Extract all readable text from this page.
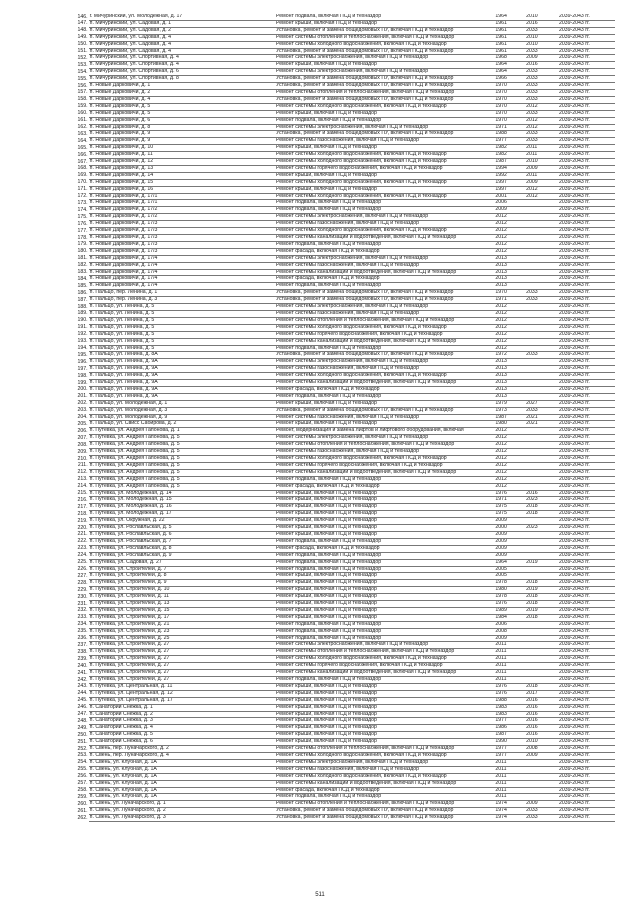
146.	г. Мичуринский, ул. Молодежная, д. 17	Ремонт подвала, включая ПСД и техназдор	1964	2010	2039-2043 гг.
147.	п. Мичуринский, ул. Садовая, д. 1	Ремонт крыши, включая ПСД и техназдор	1961	2016	2039-2043 гг.
148.	п. Мичуринский, ул. Садовая, д. 2	Установка, ремонт и замена общедомовых ПУ, включая ПСД и техназдор	1961	2033	2039-2043 гг.
149.	п. Мичуринский, ул. Садовая, д. 4	Ремонт системы отопления и теплоснабжения, включая ПСД и техназдор	1961	2010	2039-2043 гг.
150.	п. Мичуринский, ул. Садовая, д. 4	Ремонт системы холодного водоснабжения, включая ПСД и техназдор	1961	2010	2039-2043 гг.
151.	п. Мичуринский, ул. Садовая, д. 4	Установка, ремонт и замена общедомовых ПУ, включая ПСД и техназдор	1961	2033	2039-2043 гг.
152.	п. Мичуринский, ул. Спортивная, д. 4	Ремонт системы электроснабжения, включая ПСД и техназдор	1968	2009	2039-2043 гг.
153.	п. Мичуринский, ул. Спортивная, д. 4	Ремонт крыши, включая ПСД и техназдор	1964	2016	2039-2043 гг.
154.	п. Мичуринский, ул. Спортивная, д. 6	Ремонт системы электроснабжения, включая ПСД и техназдор	1964	2033	2039-2043 гг.
155.	п. Мичуринский, ул. Спортивная, д. 8	Установка, ремонт и замена общедомовых ПУ, включая ПСД и техназдор	1966	2033	2039-2043 гг.
156.	п. Новые Дарковичи, д. 1	Установка, ремонт и замена общедомовых ПУ, включая ПСД и техназдор	1970	2033	2039-2043 гг.
157.	п. Новые Дарковичи, д. 2	Ремонт системы отопления и теплоснабжения, включая ПСД и техназдор	1970	2033	2039-2043 гг.
158.	п. Новые Дарковичи, д. 4	Установка, ремонт и замена общедомовых ПУ, включая ПСД и техназдор	1970	2033	2039-2043 гг.
159.	п. Новые Дарковичи, д. 5	Ремонт системы холодного водоснабжения, включая ПСД и техназдор	1970	2012	2039-2043 гг.
160.	п. Новые Дарковичи, д. 5	Ремонт крыши, включая ПСД и техназдор	1970	2033	2039-2043 гг.
161.	п. Новые Дарковичи, д. 6	Ремонт подвала, включая ПСД и техназдор	1970	2012	2039-2043 гг.
162.	п. Новые Дарковичи, д. 8	Ремонт системы электроснабжения, включая ПСД и техназдор	1971	2012	2039-2043 гг.
163.	п. Новые Дарковичи, д. 9	Установка, ремонт и замена общедомовых ПУ, включая ПСД и техназдор	1988	2033	2039-2043 гг.
164.	п. Новые Дарковичи, д. 9	Ремонт системы газоснабжения, включая ПСД и техназдор	1977	2033	2039-2043 гг.
165.	п. Новые Дарковичи, д. 10	Ремонт крыши, включая ПСД и техназдор	1982	2011	2039-2043 гг.
166.	п. Новые Дарковичи, д. 11	Ремонт системы холодного водоснабжения, включая ПСД и техназдор	1982	2011	2039-2043 гг.
167.	п. Новые Дарковичи, д. 12	Ремонт системы холодного водоснабжения, включая ПСД и техназдор	1987	2010	2039-2043 гг.
168.	п. Новые Дарковичи, д. 13	Ремонт системы горячего водоснабжения, включая ПСД и техназдор	1994	2009	2039-2043 гг.
169.	п. Новые Дарковичи, д. 14	Ремонт крыши, включая ПСД и техназдор	1992	2011	2039-2043 гг.
170.	п. Новые Дарковичи, д. 15	Ремонт системы холодного водоснабжения, включая ПСД и техназдор	1997	2009	2039-2043 гг.
171.	п. Новые Дарковичи, д. 16	Ремонт крыши, включая ПСД и техназдор	1997	2012	2039-2043 гг.
172.	п. Новые Дарковичи, д. 17/1	Ремонт системы холодного водоснабжения, включая ПСД и техназдор	2001	2012	2039-2043 гг.
173.	п. Новые Дарковичи, д. 17/1	Ремонт подвала, включая ПСД и техназдор	2006		2039-2043 гг.
174.	п. Новые Дарковичи, д. 17/2	Ремонт подвала, включая ПСД и техназдор	2009		2039-2043 гг.
175.	п. Новые Дарковичи, д. 17/2	Ремонт системы электроснабжения, включая ПСД и техназдор	2012		2039-2043 гг.
176.	п. Новые Дарковичи, д. 17/3	Ремонт системы газоснабжения, включая ПСД и техназдор	2012		2039-2043 гг.
177.	п. Новые Дарковичи, д. 17/3	Ремонт системы холодного водоснабжения, включая ПСД и техназдор	2012		2039-2043 гг.
178.	п. Новые Дарковичи, д. 17/3	Ремонт системы канализации и водоотведения, включая ПСД и техназдор	2012		2039-2043 гг.
179.	п. Новые Дарковичи, д. 17/3	Ремонт подвала, включая ПСД и техназдор	2012		2039-2043 гг.
180.	п. Новые Дарковичи, д. 17/3	Ремонт фасада, включая ПСД и техназдор	2012		2039-2043 гг.
181.	п. Новые Дарковичи, д. 17/4	Ремонт системы электроснабжения, включая ПСД и техназдор	2013		2039-2043 гг.
182.	п. Новые Дарковичи, д. 17/4	Ремонт системы газоснабжения, включая ПСД и техназдор	2013		2039-2043 гг.
183.	п. Новые Дарковичи, д. 17/4	Ремонт системы канализации и водоотведения, включая ПСД и техназдор	2013		2039-2043 гг.
184.	п. Новые Дарковичи, д. 17/4	Ремонт фасада, включая ПСД и техназдор	2013		2039-2043 гг.
185.	п. Новые Дарковичи, д. 17/4	Ремонт подвала, включая ПСД и техназдор	2013		2039-2043 гг.
186.	п. Пальцо, пер. Ленина, д. 1	Установка, ремонт и замена общедомовых ПУ, включая ПСД и техназдор	1970	2033	2039-2043 гг.
187.	п. Пальцо, пер. Ленина, д. 3	Установка, ремонт и замена общедомовых ПУ, включая ПСД и техназдор	1971	2033	2039-2043 гг.
188.	п. Пальцо, ул. Ленина, д. 5	Ремонт системы электроснабжения, включая ПСД и техназдор	2012		2039-2043 гг.
189.	п. Пальцо, ул. Ленина, д. 5	Ремонт системы газоснабжения, включая ПСД и техназдор	2012		2039-2043 гг.
190.	п. Пальцо, ул. Ленина, д. 5	Ремонт системы отопления и теплоснабжения, включая ПСД и техназдор	2012		2039-2043 гг.
191.	п. Пальцо, ул. Ленина, д. 5	Ремонт системы холодного водоснабжения, включая ПСД и техназдор	2012		2039-2043 гг.
192.	п. Пальцо, ул. Ленина, д. 5	Ремонт системы горячего водоснабжения, включая ПСД и техназдор	2012		2039-2043 гг.
193.	п. Пальцо, ул. Ленина, д. 5	Ремонт системы канализации и водоотведения, включая ПСД и техназдор	2012		2039-2043 гг.
194.	п. Пальцо, ул. Ленина, д. 5	Ремонт подвала, включая ПСД и техназдор	2012		2039-2043 гг.
195.	п. Пальцо, ул. Ленина, д. 8А	Установка, ремонт и замена общедомовых ПУ, включая ПСД и техназдор	1972	2033	2039-2043 гг.
196.	п. Пальцо, ул. Ленина, д. 9А	Ремонт системы электроснабжения, включая ПСД и техназдор	2013		2039-2043 гг.
197.	п. Пальцо, ул. Ленина, д. 9А	Ремонт системы газоснабжения, включая ПСД и техназдор	2013		2039-2043 гг.
198.	п. Пальцо, ул. Ленина, д. 9А	Ремонт системы холодного водоснабжения, включая ПСД и техназдор	2013		2039-2043 гг.
199.	п. Пальцо, ул. Ленина, д. 9А	Ремонт системы канализации и водоотведения, включая ПСД и техназдор	2013		2039-2043 гг.
200.	п. Пальцо, ул. Ленина, д. 9А	Ремонт фасада, включая ПСД и техназдор	2013		2039-2043 гг.
201.	п. Пальцо, ул. Ленина, д. 9А	Ремонт подвала, включая ПСД и техназдор	2013		2039-2043 гг.
202.	п. Пальцо, ул. Молодежная, д. 1	Ремонт крыши, включая ПСД и техназдор	1979	2027	2039-2043 гг.
203.	п. Пальцо, ул. Молодежная, д. 3	Установка, ремонт и замена общедомовых ПУ, включая ПСД и техназдор	1973	2033	2039-2043 гг.
204.	п. Пальцо, ул. Молодежная, д. 9	Ремонт системы газоснабжения, включая ПСД и техназдор	1987	2021	2039-2043 гг.
205.	п. Пальцо, ул. Свисс Сабирова, д. 2	Ремонт крыши, включая ПСД и техназдор	1980	2021	2039-2043 гг.
206.	п. Путевка, ул. Андрея Гапонова, д. 1	Ремонт, модернизация и замена лифтов и лифтового оборудования, включая	2012		2039-2043 гг.
207.	п. Путевка, ул. Андрея Гапонова, д. 5	Ремонт системы электроснабжения, включая ПСД и техназдор	2012		2039-2043 гг.
208.	п. Путевка, ул. Андрея Гапонова, д. 5	Ремонт системы отопления и теплоснабжения, включая ПСД и техназдор	2012		2039-2043 гг.
209.	п. Путевка, ул. Андрея Гапонова, д. 5	Ремонт системы газоснабжения, включая ПСД и техназдор	2012		2039-2043 гг.
210.	п. Путевка, ул. Андрея Гапонова, д. 5	Ремонт системы холодного водоснабжения, включая ПСД и техназдор	2012		2039-2043 гг.
211.	п. Путевка, ул. Андрея Гапонова, д. 5	Ремонт системы горячего водоснабжения, включая ПСД и техназдор	2012		2039-2043 гг.
212.	п. Путевка, ул. Андрея Гапонова, д. 5	Ремонт системы канализации и водоотведения, включая ПСД и техназдор	2012		2039-2043 гг.
213.	п. Путевка, ул. Андрея Гапонова, д. 5	Ремонт подвала, включая ПСД и техназдор	2012		2039-2043 гг.
214.	п. Путевка, ул. Андрея Гапонова, д. 5	Ремонт фасада, включая ПСД и техназдор	2012		2039-2043 гг.
215.	п. Путевка, ул. Молодежная, д. 14	Ремонт крыши, включая ПСД и техназдор	1976	2016	2039-2043 гг.
216.	п. Путевка, ул. Молодежная, д. 15	Ремонт крыши, включая ПСД и техназдор	1971	2023	2039-2043 гг.
217.	п. Путевка, ул. Молодежная, д. 16	Ремонт крыши, включая ПСД и техназдор	1975	2018	2039-2043 гг.
218.	п. Путевка, ул. Молодежная, д. 17	Ремонт крыши, включая ПСД и техназдор	1975	2018	2039-2043 гг.
219.	п. Путевка, ул. Окружная, д. 22	Ремонт крыши, включая ПСД и техназдор	2009		2039-2043 гг.
220.	п. Путевка, ул. Рославльская, д. 5	Ремонт крыши, включая ПСД и техназдор	2000	2023	2039-2043 гг.
221.	п. Путевка, ул. Рославльская, д. 6	Ремонт крыши, включая ПСД и техназдор	2009		2039-2043 гг.
222.	п. Путевка, ул. Рославльская, д. 7	Ремонт подвала, включая ПСД и техназдор	2009		2039-2043 гг.
223.	п. Путевка, ул. Рославльская, д. 8	Ремонт фасада, включая ПСД и техназдор	2009		2039-2043 гг.
224.	п. Путевка, ул. Рославльская, д. 9	Ремонт подвала, включая ПСД и техназдор	2009		2039-2043 гг.
225.	п. Путевка, ул. Садовая, д. 27	Ремонт подвала, включая ПСД и техназдор	1964	2019	2039-2043 гг.
226.	п. Путевка, ул. Строителей, д. 7	Ремонт подвала, включая ПСД и техназдор	2005		2039-2043 гг.
227.	п. Путевка, ул. Строителей, д. 8	Ремонт крыши, включая ПСД и техназдор	2005		2039-2043 гг.
228.	п. Путевка, ул. Строителей, д. 9	Ремонт крыши, включая ПСД и техназдор	1978	2018	2039-2043 гг.
229.	п. Путевка, ул. Строителей, д. 10	Ремонт крыши, включая ПСД и техназдор	1980	2019	2039-2043 гг.
230.	п. Путевка, ул. Строителей, д. 11	Ремонт крыши, включая ПСД и техназдор	1978	2018	2039-2043 гг.
231.	п. Путевка, ул. Строителей, д. 13	Ремонт крыши, включая ПСД и техназдор	1976	2018	2039-2043 гг.
232.	п. Путевка, ул. Строителей, д. 15	Ремонт крыши, включая ПСД и техназдор	1989	2019	2039-2043 гг.
233.	п. Путевка, ул. Строителей, д. 17	Ремонт крыши, включая ПСД и техназдор	1984	2018	2039-2043 гг.
234.	п. Путевка, ул. Строителей, д. 21	Ремонт подвала, включая ПСД и техназдор	2006		2039-2043 гг.
235.	п. Путевка, ул. Строителей, д. 23	Ремонт подвала, включая ПСД и техназдор	2008		2039-2043 гг.
236.	п. Путевка, ул. Строителей, д. 25	Ремонт подвала, включая ПСД и техназдор	2009		2039-2043 гг.
237.	п. Путевка, ул. Строителей, д. 27	Ремонт системы электроснабжения, включая ПСД и техназдор	2011		2039-2043 гг.
238.	п. Путевка, ул. Строителей, д. 27	Ремонт системы отопления и теплоснабжения, включая ПСД и техназдор	2011		2039-2043 гг.
239.	п. Путевка, ул. Строителей, д. 27	Ремонт системы холодного водоснабжения, включая ПСД и техназдор	2011		2039-2043 гг.
240.	п. Путевка, ул. Строителей, д. 27	Ремонт системы горячего водоснабжения, включая ПСД и техназдор	2011		2039-2043 гг.
241.	п. Путевка, ул. Строителей, д. 27	Ремонт системы канализации и водоотведения, включая ПСД и техназдор	2011		2039-2043 гг.
242.	п. Путевка, ул. Строителей, д. 27	Ремонт подвала, включая ПСД и техназдор	2011		2039-2043 гг.
243.	п. Путевка, ул. Центральная, д. 11	Ремонт крыши, включая ПСД и техназдор	1976	2018	2039-2043 гг.
244.	п. Путевка, ул. Центральная, д. 12	Ремонт крыши, включая ПСД и техназдор	1976	2017	2039-2043 гг.
245.	п. Путевка, ул. Центральная, д. 17	Ремонт крыши, включая ПСД и техназдор	1988	2016	2039-2043 гг.
246.	п. Санаторий Снежка, д. 1	Ремонт крыши, включая ПСД и техназдор	1983	2016	2039-2043 гг.
247.	п. Санаторий Снежка, д. 2	Ремонт крыши, включая ПСД и техназдор	1983	2016	2039-2043 гг.
248.	п. Санаторий Снежка, д. 3	Ремонт крыши, включая ПСД и техназдор	1977	2016	2039-2043 гг.
249.	п. Санаторий Снежка, д. 4	Ремонт крыши, включая ПСД и техназдор	1986	2016	2039-2043 гг.
250.	п. Санаторий Снежка, д. 5	Ремонт крыши, включая ПСД и техназдор	1987	2016	2039-2043 гг.
251.	п. Санаторий Снежка, д. 6	Ремонт крыши, включая ПСД и техназдор	1990	2010	2039-2043 гг.
252.	п. Свень, пер. Луначарского, д. 2	Ремонт системы отопления и теплоснабжения, включая ПСД и техназдор	1977	2008	2039-2043 гг.
253.	п. Свень, пер. Луначарского, д. 4	Ремонт системы холодного водоснабжения, включая ПСД и техназдор	1977	2009	2039-2043 гг.
254.	п. Свень, ул. Клубная, д. 1А	Ремонт системы электроснабжения, включая ПСД и техназдор	2011		2039-2043 гг.
255.	п. Свень, ул. Клубная, д. 1А	Ремонт системы газоснабжения, включая ПСД и техназдор	2011		2039-2043 гг.
256.	п. Свень, ул. Клубная, д. 1А	Ремонт системы холодного водоснабжения, включая ПСД и техназдор	2011		2039-2043 гг.
257.	п. Свень, ул. Клубная, д. 1А	Ремонт системы канализации и водоотведения, включая ПСД и техназдор	2011		2039-2043 гг.
258.	п. Свень, ул. Клубная, д. 1А	Ремонт фасада, включая ПСД и техназдор	2011		2039-2043 гг.
259.	п. Свень, ул. Клубная, д. 1А	Ремонт подвала, включая ПСД и техназдор	2011		2039-2043 гг.
260.	п. Свень, ул. Луначарского, д. 1	Ремонт системы отопления и теплоснабжения, включая ПСД и техназдор	1974	2009	2039-2043 гг.
261.	п. Свень, ул. Луначарского, д. 2	Установка, ремонт и замена общедомовых ПУ, включая ПСД и техназдор	1974	2033	2039-2043 гг.
262.	п. Свень, ул. Луначарского, д. 3	Установка, ремонт и замена общедомовых ПУ, включая ПСД и техназдор	1974	2033	2039-2043 гг.
511
